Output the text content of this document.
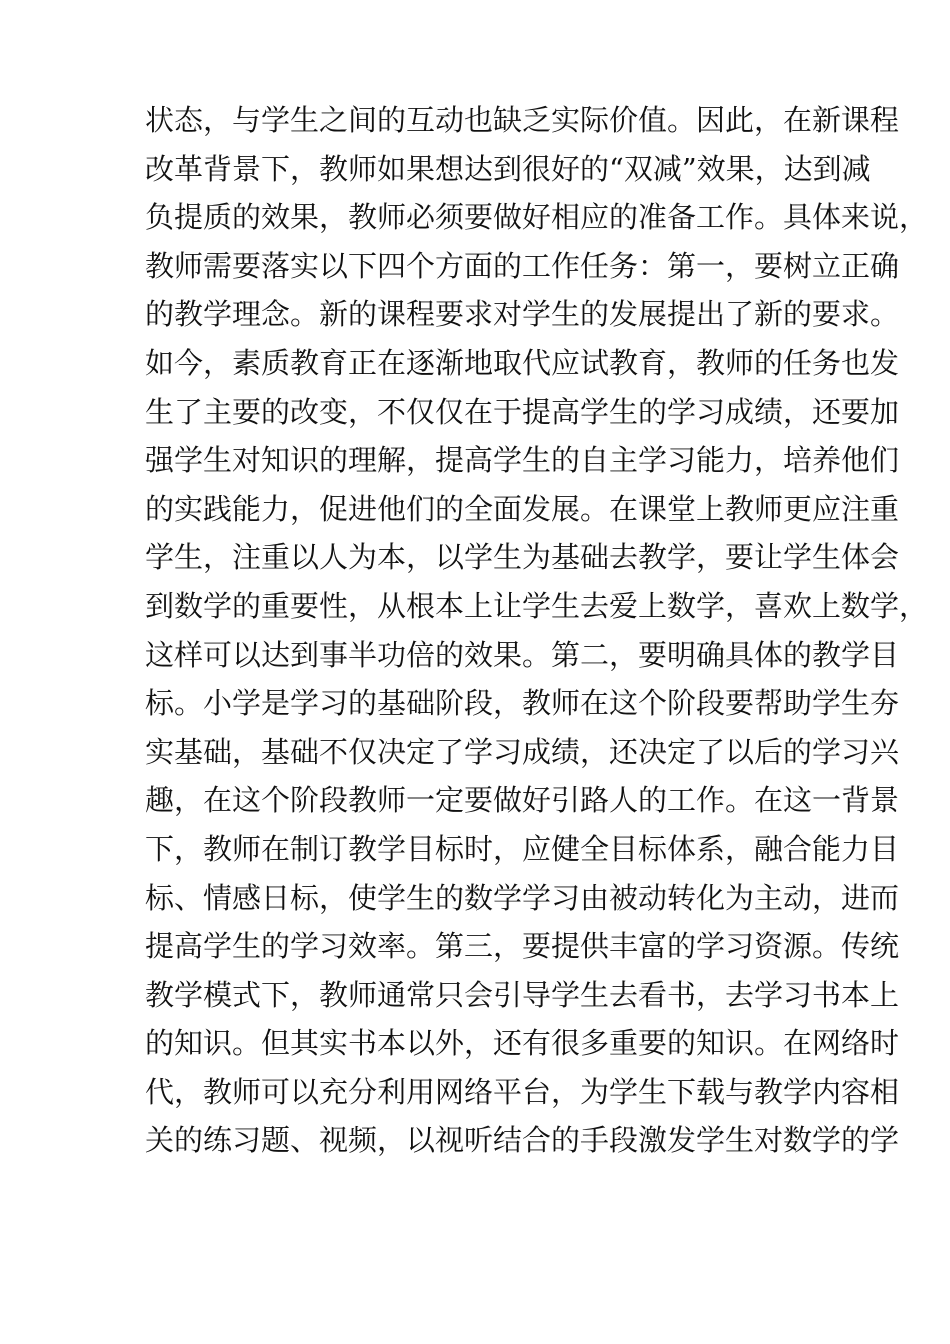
状态，与学生之间的互动也缺乏实际价值。因此，在新课程
改革背景下，教师如果想达到很好的“双减”效果，达到减
负提质的效果，教师必须要做好相应的准备工作。具体来说，
教师需要落实以下四个方面的工作任务：第一，要树立正确
的教学理念。新的课程要求对学生的发展提出了新的要求。
如今，素质教育正在逐渐地取代应试教育，教师的任务也发
生了主要的改变，不仅仅在于提高学生的学习成绩，还要加
强学生对知识的理解，提高学生的自主学习能力，培养他们
的实践能力，促进他们的全面发展。在课堂上教师更应注重
学生，注重以人为本，以学生为基础去教学，要让学生体会
到数学的重要性，从根本上让学生去爱上数学，喜欢上数学，
这样可以达到事半功倍的效果。第二，要明确具体的教学目
标。小学是学习的基础阶段，教师在这个阶段要帮助学生夯
实基础，基础不仅决定了学习成绩，还决定了以后的学习兴
趣，在这个阶段教师一定要做好引路人的工作。在这一背景
下，教师在制订教学目标时，应健全目标体系，融合能力目
标、情感日标，使学生的数学学习由被动转化为主动，进而
提高学生的学习效率。第三，要提供丰富的学习资源。传统
教学模式下，教师通常只会引导学生去看书，去学习书本上
的知识。但其实书本以外，还有很多重要的知识。在网络时
代，教师可以充分利用网络平台，为学生下载与教学内容相
关的练习题、视频，以视听结合的手段激发学生对数学的学
